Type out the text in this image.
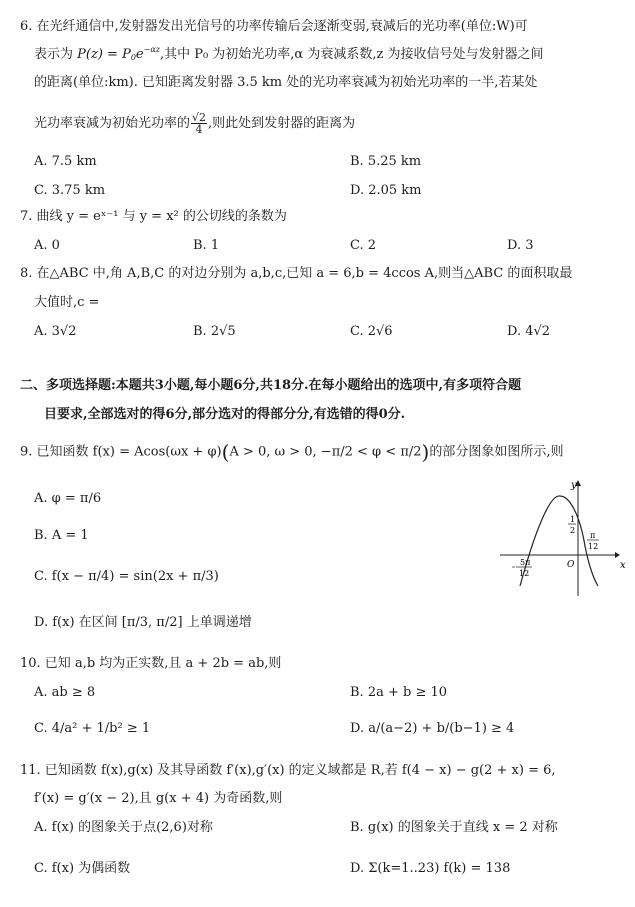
6. 在光纤通信中,发射器发出光信号的功率传输后会逐渐变弱,衰减后的光功率(单位:W)可
表示为 $P(z) = P_0e^{-\alpha z}$,其中 P₀ 为初始光功率,α 为衰减系数,z 为接收信号处与发射器之间
的距离(单位:km). 已知距离发射器 3.5 km 处的光功率衰减为初始光功率的一半,若某处
光功率衰减为初始光功率的 $\frac{√2}{4}$ ,则此处到发射器的距离为
A. 7.5 km	B. 5.25 km
C. 3.75 km	D. 2.05 km
7. 曲线 y = eˣ⁻¹ 与 y = x² 的公切线的条数为
A. 0	B. 1	C. 2	D. 3
8. 在△ABC 中,角 A,B,C 的对边分别为 a,b,c,已知 a = 6,b = 4ccos A,则当△ABC 的面积取最
大值时,c =
A. 3√2	B. 2√5	C. 2√6	D. 4√2
二、多项选择题:本题共3小题,每小题6分,共18分.在每小题给出的选项中,有多项符合题
目要求,全部选对的得6分,部分选对的得部分分,有选错的得0分.
9. 已知函数 f(x) = Acos(ωx + φ)(A > 0, ω > 0, −π/2 < φ < π/2)的部分图象如图所示,则
A. φ = π/6
B. A = 1
C. f(x − π/4) = sin(2x + π/3)
D. f(x) 在区间 [π/3, π/2] 上单调递增
y
x
O
1
2
π
12
5π
12
10. 已知 a,b 均为正实数,且 a + 2b = ab,则
A. ab ≥ 8	B. 2a + b ≥ 10
C. 4/a² + 1/b² ≥ 1	D. a/(a−2) + b/(b−1) ≥ 4
11. 已知函数 f(x),g(x) 及其导函数 f′(x),g′(x) 的定义域都是 R,若 f(4 − x) − g(2 + x) = 6,
f′(x) = g′(x − 2),且 g(x + 4) 为奇函数,则
A. f(x) 的图象关于点(2,6)对称	B. g(x) 的图象关于直线 x = 2 对称
C. f(x) 为偶函数	D. Σ(k=1..23) f(k) = 138
